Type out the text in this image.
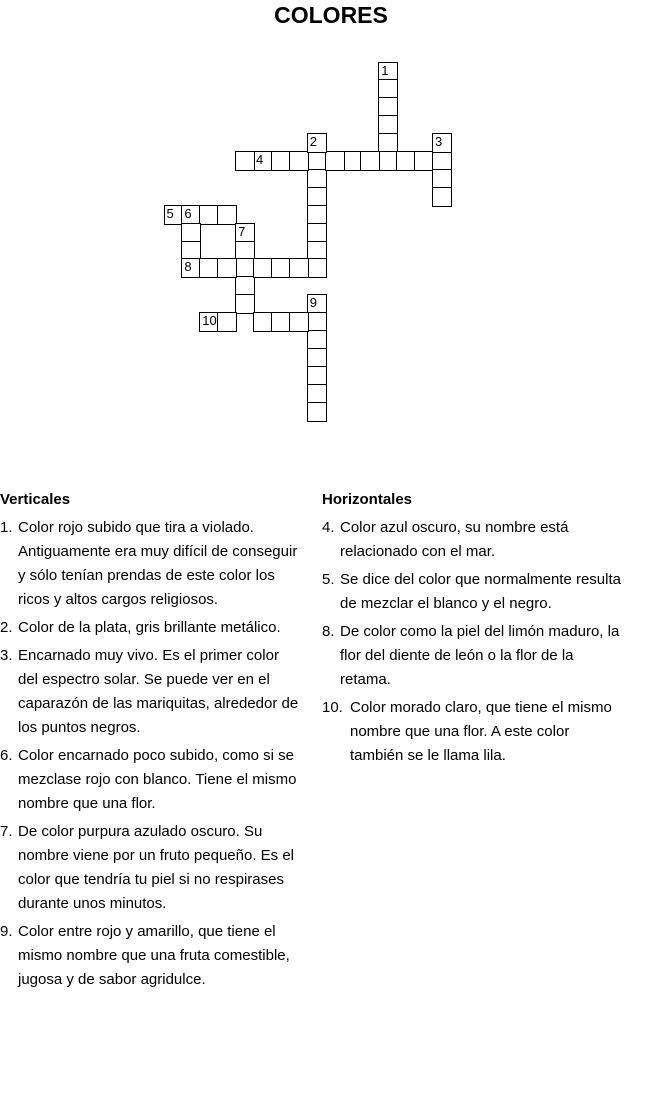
COLORES
1
3
5 6
8
7
9
10
4
2
Verticales
1. Color rojo subido que tira a violado. Antiguamente era muy difícil de conseguir y sólo tenían prendas de este color los ricos y altos cargos religiosos.
2. Color de la plata, gris brillante metálico.
3. Encarnado muy vivo. Es el primer color del espectro solar. Se puede ver en el caparazón de las mariquitas, alrededor de los puntos negros.
6. Color encarnado poco subido, como si se mezclase rojo con blanco. Tiene el mismo nombre que una flor.
7. De color purpura azulado oscuro. Su nombre viene por un fruto pequeño. Es el color que tendría tu piel si no respirases durante unos minutos.
9. Color entre rojo y amarillo, que tiene el mismo nombre que una fruta comestible, jugosa y de sabor agridulce.
Horizontales
4. Color azul oscuro, su nombre está relacionado con el mar.
5. Se dice del color que normalmente resulta de mezclar el blanco y el negro.
8. De color como la piel del limón maduro, la flor del diente de león o la flor de la retama.
10. Color morado claro, que tiene el mismo nombre que una flor. A este color también se le llama lila.
